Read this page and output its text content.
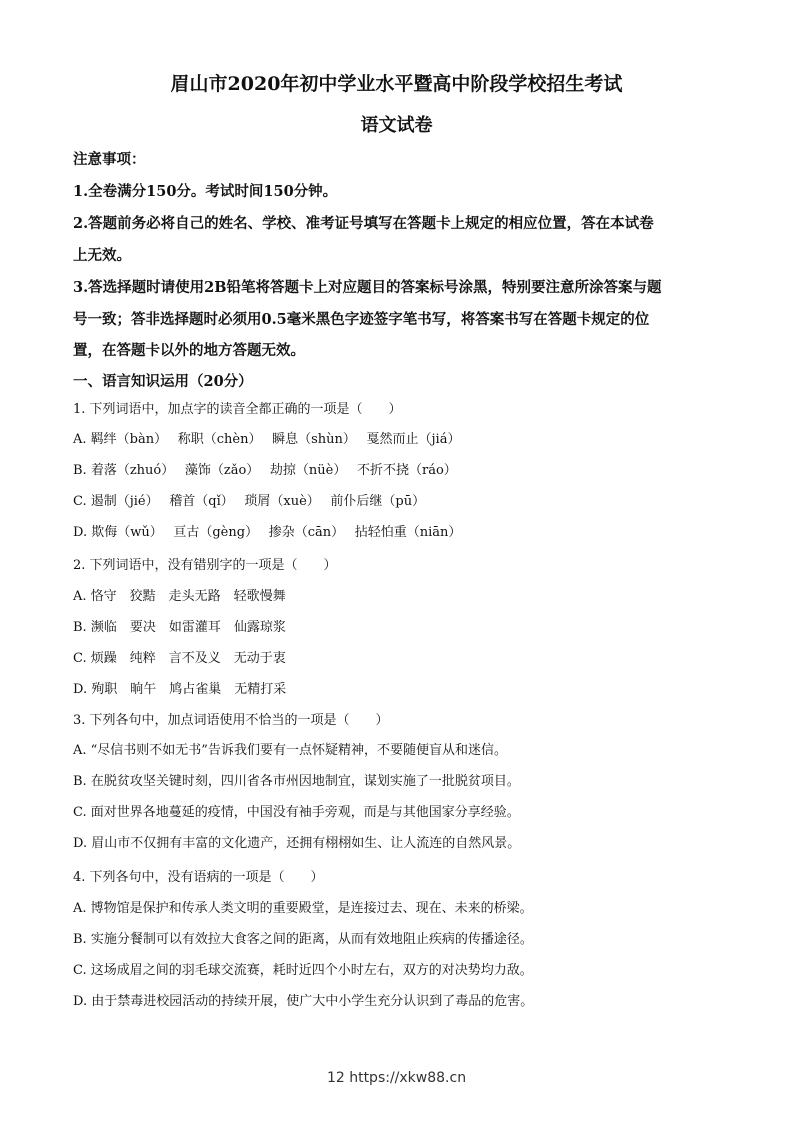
眉山市2020年初中学业水平暨高中阶段学校招生考试
语文试卷
注意事项：
1.全卷满分150分。考试时间150分钟。
2.答题前务必将自己的姓名、学校、准考证号填写在答题卡上规定的相应位置，答在本试卷
上无效。
3.答选择题时请使用2B铅笔将答题卡上对应题目的答案标号涂黑，特别要注意所涂答案与题
号一致；答非选择题时必须用0.5毫米黑色字迹签字笔书写，将答案书写在答题卡规定的位
置，在答题卡以外的地方答题无效。
一、语言知识运用（20分）
1. 下列词语中，加点字的读音全都正确的一项是（　　）
A. 羁绊（bàn）　 称职（chèn）　 瞬息（shùn）　 戛然而止（jiá）
B. 着落（zhuó）　 藻饰（zǎo）　 劫掠（nüè）　 不折不挠（ráo）
C. 遏制（jié）　 稽首（qǐ）　 琐屑（xuè）　 前仆后继（pū）
D. 欺侮（wǔ）　 亘古（gèng）　 掺杂（cān）　 拈轻怕重（niān）
2. 下列词语中，没有错别字的一项是（　　）
A. 恪守　狡黠　走头无路　轻歌慢舞
B. 濒临　要决　如雷灌耳　仙露琼浆
C. 烦躁　纯粹　言不及义　无动于衷
D. 殉职　晌午　鸠占雀巢　无精打采
3. 下列各句中，加点词语使用不恰当的一项是（　　）
A. “尽信书则不如无书”告诉我们要有一点怀疑精神，不要随便盲从和迷信。
B. 在脱贫攻坚关键时刻，四川省各市州因地制宜，谋划实施了一批脱贫项目。
C. 面对世界各地蔓延的疫情，中国没有袖手旁观，而是与其他国家分享经验。
D. 眉山市不仅拥有丰富的文化遗产，还拥有栩栩如生、让人流连的自然风景。
4. 下列各句中，没有语病的一项是（　　）
A. 博物馆是保护和传承人类文明的重要殿堂，是连接过去、现在、未来的桥梁。
B. 实施分餐制可以有效拉大食客之间的距离，从而有效地阻止疾病的传播途径。
C. 这场成眉之间的羽毛球交流赛，耗时近四个小时左右，双方的对决势均力敌。
D. 由于禁毒进校园活动的持续开展，使广大中小学生充分认识到了毒品的危害。
12 https://xkw88.cn
